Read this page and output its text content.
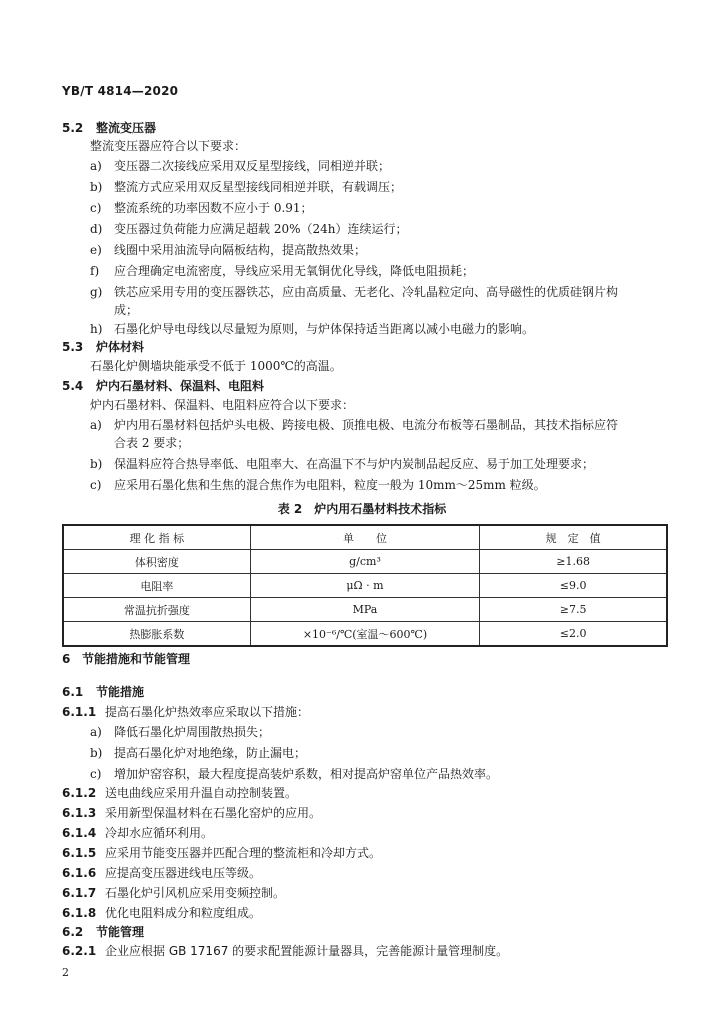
YB/T 4814—2020
5.2 整流变压器
整流变压器应符合以下要求：
a) 变压器二次接线应采用双反星型接线，同相逆并联；
b) 整流方式应采用双反星型接线同相逆并联，有载调压；
c) 整流系统的功率因数不应小于 0.91；
d) 变压器过负荷能力应满足超载 20%（24h）连续运行；
e) 线圈中采用油流导向隔板结构，提高散热效果；
f) 应合理确定电流密度，导线应采用无氧铜优化导线，降低电阻损耗；
g) 铁芯应采用专用的变压器铁芯，应由高质量、无老化、冷轧晶粒定向、高导磁性的优质硅钢片构
成；
h) 石墨化炉导电母线以尽量短为原则，与炉体保持适当距离以减小电磁力的影响。
5.3 炉体材料
石墨化炉侧墙块能承受不低于 1000℃的高温。
5.4 炉内石墨材料、保温料、电阻料
炉内石墨材料、保温料、电阻料应符合以下要求：
a) 炉内用石墨材料包括炉头电极、跨接电极、顶推电极、电流分布板等石墨制品，其技术指标应符
合表 2 要求；
b) 保温料应符合热导率低、电阻率大、在高温下不与炉内炭制品起反应、易于加工处理要求；
c) 应采用石墨化焦和生焦的混合焦作为电阻料，粒度一般为 10mm～25mm 粒级。
表 2　炉内用石墨材料技术指标
理 化 指 标	单　　位	规　定　值
体积密度	g/cm³	≥1.68
电阻率	μΩ · m	≤9.0
常温抗折强度	MPa	≥7.5
热膨胀系数	×10⁻⁶/℃(室温～600℃)	≤2.0
6 节能措施和节能管理
6.1 节能措施
6.1.1 提高石墨化炉热效率应采取以下措施：
a) 降低石墨化炉周围散热损失；
b) 提高石墨化炉对地绝缘，防止漏电；
c) 增加炉窑容积，最大程度提高装炉系数，相对提高炉窑单位产品热效率。
6.1.2 送电曲线应采用升温自动控制装置。
6.1.3 采用新型保温材料在石墨化窑炉的应用。
6.1.4 冷却水应循环利用。
6.1.5 应采用节能变压器并匹配合理的整流柜和冷却方式。
6.1.6 应提高变压器进线电压等级。
6.1.7 石墨化炉引风机应采用变频控制。
6.1.8 优化电阻料成分和粒度组成。
6.2 节能管理
6.2.1 企业应根据 GB 17167 的要求配置能源计量器具，完善能源计量管理制度。
2
